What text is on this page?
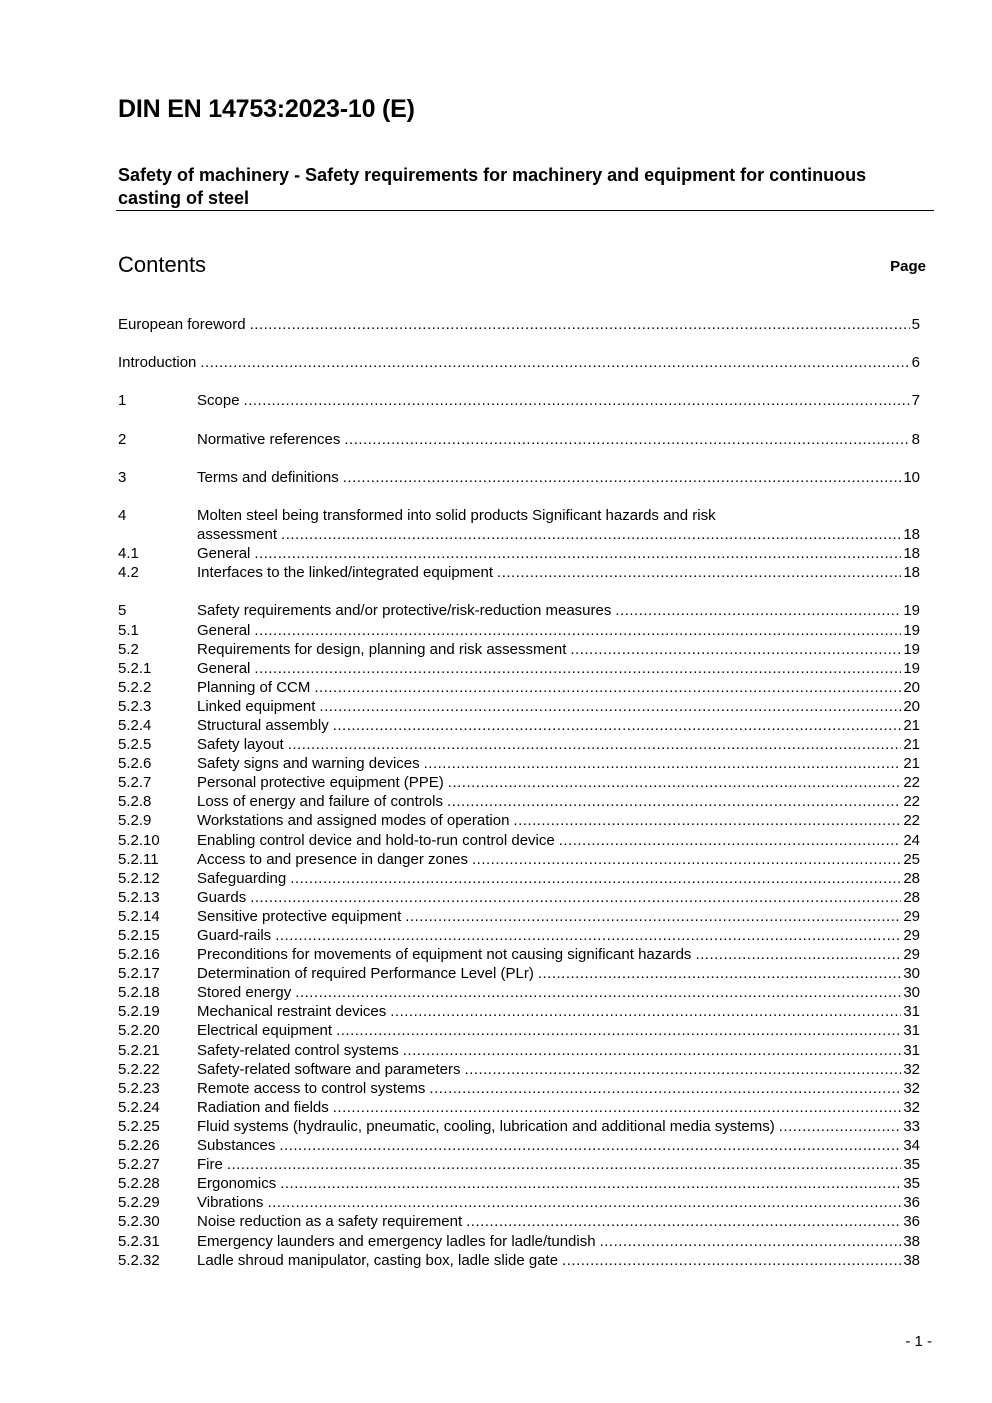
DIN EN 14753:2023-10 (E)
Safety of machinery - Safety requirements for machinery and equipment for continuous casting of steel
Contents	Page
European foreword .....	5
Introduction .....	6
1	Scope .....	7
2	Normative references .....	8
3	Terms and definitions .....	10
4	Molten steel being transformed into solid products Significant hazards and risk
assessment .....	18
4.1	General .....	18
4.2	Interfaces to the linked/integrated equipment .....	18
5	Safety requirements and/or protective/risk-reduction measures .....	19
5.1	General .....	19
5.2	Requirements for design, planning and risk assessment .....	19
5.2.1	General .....	19
5.2.2	Planning of CCM .....	20
5.2.3	Linked equipment .....	20
5.2.4	Structural assembly .....	21
5.2.5	Safety layout .....	21
5.2.6	Safety signs and warning devices .....	21
5.2.7	Personal protective equipment (PPE) .....	22
5.2.8	Loss of energy and failure of controls .....	22
5.2.9	Workstations and assigned modes of operation .....	22
5.2.10	Enabling control device and hold-to-run control device .....	24
5.2.11	Access to and presence in danger zones .....	25
5.2.12	Safeguarding .....	28
5.2.13	Guards .....	28
5.2.14	Sensitive protective equipment .....	29
5.2.15	Guard-rails .....	29
5.2.16	Preconditions for movements of equipment not causing significant hazards .....	29
5.2.17	Determination of required Performance Level (PLr) .....	30
5.2.18	Stored energy .....	30
5.2.19	Mechanical restraint devices .....	31
5.2.20	Electrical equipment .....	31
5.2.21	Safety-related control systems .....	31
5.2.22	Safety-related software and parameters .....	32
5.2.23	Remote access to control systems .....	32
5.2.24	Radiation and fields .....	32
5.2.25	Fluid systems (hydraulic, pneumatic, cooling, lubrication and additional media systems) .....	33
5.2.26	Substances .....	34
5.2.27	Fire .....	35
5.2.28	Ergonomics .....	35
5.2.29	Vibrations .....	36
5.2.30	Noise reduction as a safety requirement .....	36
5.2.31	Emergency launders and emergency ladles for ladle/tundish .....	38
5.2.32	Ladle shroud manipulator, casting box, ladle slide gate .....	38
- 1 -
